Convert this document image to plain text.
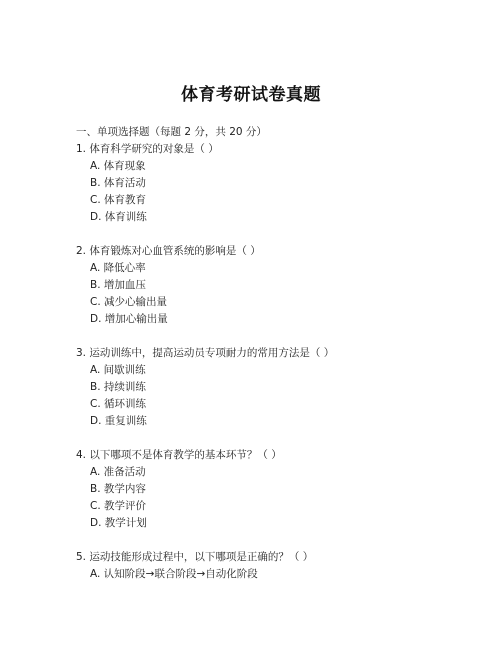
体育考研试卷真题
一、单项选择题（每题 2 分，共 20 分）
1. 体育科学研究的对象是（ ）
A. 体育现象
B. 体育活动
C. 体育教育
D. 体育训练
2. 体育锻炼对心血管系统的影响是（ ）
A. 降低心率
B. 增加血压
C. 减少心输出量
D. 增加心输出量
3. 运动训练中，提高运动员专项耐力的常用方法是（ ）
A. 间歇训练
B. 持续训练
C. 循环训练
D. 重复训练
4. 以下哪项不是体育教学的基本环节？（ ）
A. 准备活动
B. 教学内容
C. 教学评价
D. 教学计划
5. 运动技能形成过程中，以下哪项是正确的？（ ）
A. 认知阶段→联合阶段→自动化阶段
